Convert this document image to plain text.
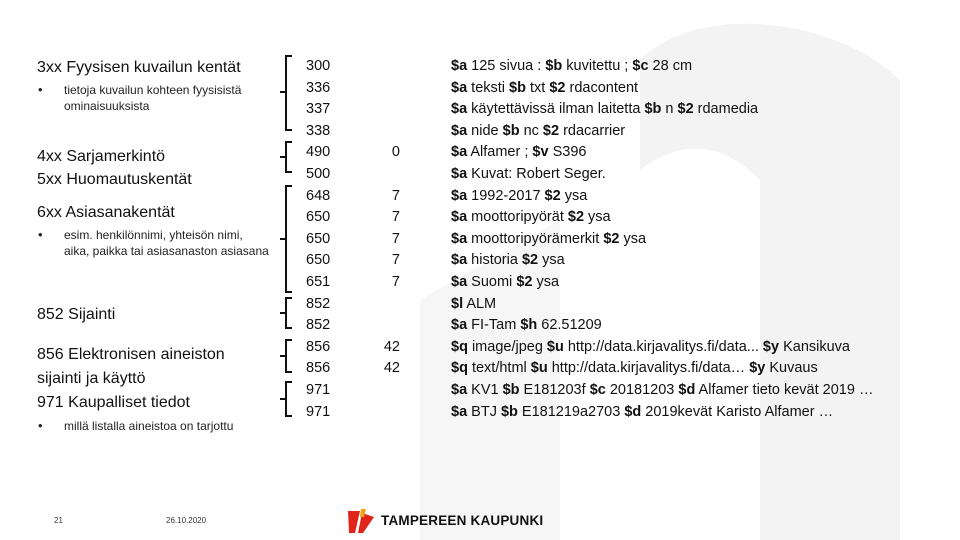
3xx Fyysisen kuvailun kentät
• tietoja kuvailun kohteen fyysisistä ominaisuuksista
4xx Sarjamerkintö
5xx Huomautuskentät
6xx Asiasanakentät
• esim. henkilönnimi, yhteisön nimi, aika, paikka tai asiasanaston asiasana
852 Sijainti
856 Elektronisen aineiston
sijainti ja käyttö
971 Kaupalliset tiedot
• millä listalla aineistoa on tarjottu
300
336
337
338
490
500
648
650
650
650
651
852
852
856
856
971
971
0
7
7
7
7
7
42
42
$a 125 sivua : $b kuvitettu ; $c 28 cm
$a teksti $b txt $2 rdacontent
$a käytettävissä ilman laitetta $b n $2 rdamedia
$a nide $b nc $2 rdacarrier
$a Alfamer ; $v S396
$a Kuvat: Robert Seger.
$a 1992-2017 $2 ysa
$a moottoripyörät $2 ysa
$a moottoripyörämerkit $2 ysa
$a historia $2 ysa
$a Suomi $2 ysa
$l ALM
$a FI-Tam $h 62.51209
$q image/jpeg $u http://data.kirjavalitys.fi/data... $y Kansikuva
$q text/html $u http://data.kirjavalitys.fi/data… $y Kuvaus
$a KV1 $b E181203f $c 20181203 $d Alfamer tieto kevät 2019 …
$a BTJ $b E181219a2703 $d 2019kevät Karisto Alfamer …
21	26.10.2020	TAMPEREEN KAUPUNKI
